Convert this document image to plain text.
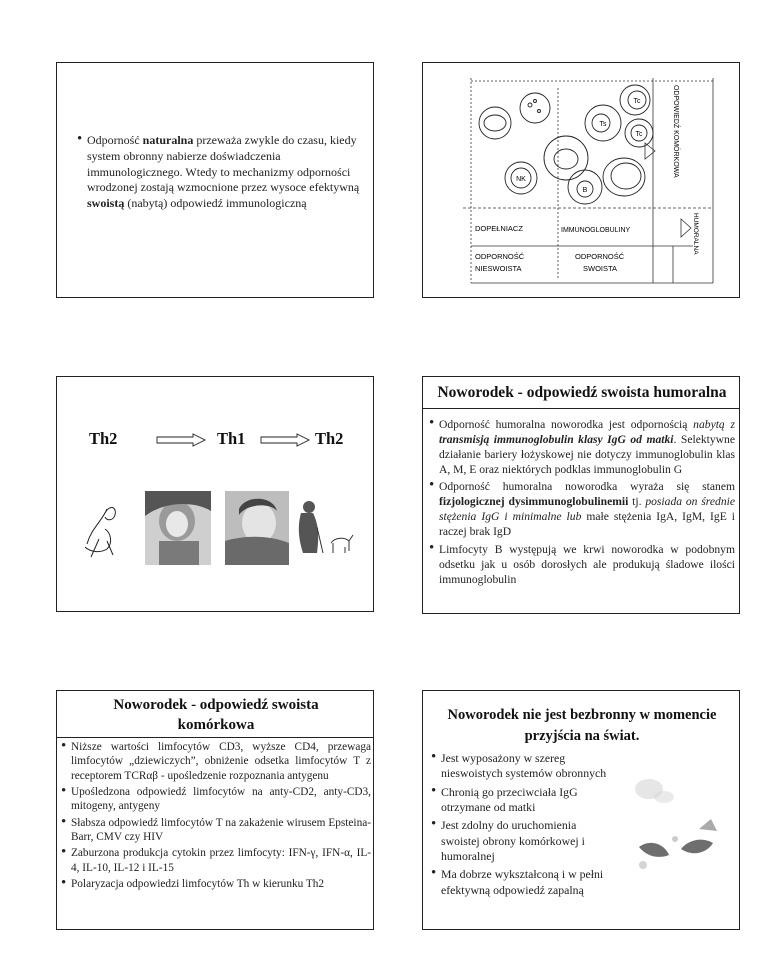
• Odporność naturalna przeważa zwykle do czasu, kiedy system obronny nabierze doświadczenia immunologicznego. Wtedy to mechanizmy odporności wrodzonej zostają wzmocnione przez wysoce efektywną swoistą (nabytą) odpowiedź immunologiczną
Tc
Ts
Tc
NK
B
DOPEŁNIACZ	IMMUNOGLOBULINY
ODPORNOŚĆ
NIESWOISTA
ODPORNOŚĆ
SWOISTA
ODPOWIEDŹ KOMÓRKOWA
HUMORALNA
Th2	Th1	Th2
Noworodek - odpowiedź swoista humoralna
• Odporność humoralna noworodka jest odpornością nabytą z transmisją immunoglobulin klasy IgG od matki. Selektywne działanie bariery łożyskowej nie dotyczy immunoglobulin klas A, M, E oraz niektórych podklas immunoglobulin G
• Odporność humoralna noworodka wyraża się stanem fizjologicznej dysimmunoglobulinemii tj. posiada on średnie stężenia IgG i minimalne lub małe stężenia IgA, IgM, IgE i raczej brak IgD
• Limfocyty B występują we krwi noworodka w podobnym odsetku jak u osób dorosłych ale produkują śladowe ilości immunoglobulin
Noworodek - odpowiedź swoista
komórkowa
• Niższe wartości limfocytów CD3, wyższe CD4, przewaga limfocytów „dziewiczych”, obniżenie odsetka limfocytów T z receptorem TCRαβ - upośledzenie rozpoznania antygenu
• Upośledzona odpowiedź limfocytów na anty-CD2, anty-CD3, mitogeny, antygeny
• Słabsza odpowiedź limfocytów T na zakażenie wirusem Epsteina-Barr, CMV czy HIV
• Zaburzona produkcja cytokin przez limfocyty: IFN-γ, IFN-α, IL-4, IL-10, IL-12 i IL-15
• Polaryzacja odpowiedzi limfocytów Th w kierunku Th2
Noworodek nie jest bezbronny w momencie
przyjścia na świat.
• Jest wyposażony w szereg nieswoistych systemów obronnych
• Chronią go przeciwciała IgG otrzymane od matki
• Jest zdolny do uruchomienia swoistej obrony komórkowej i humoralnej
• Ma dobrze wykształconą i w pełni efektywną odpowiedź zapalną
